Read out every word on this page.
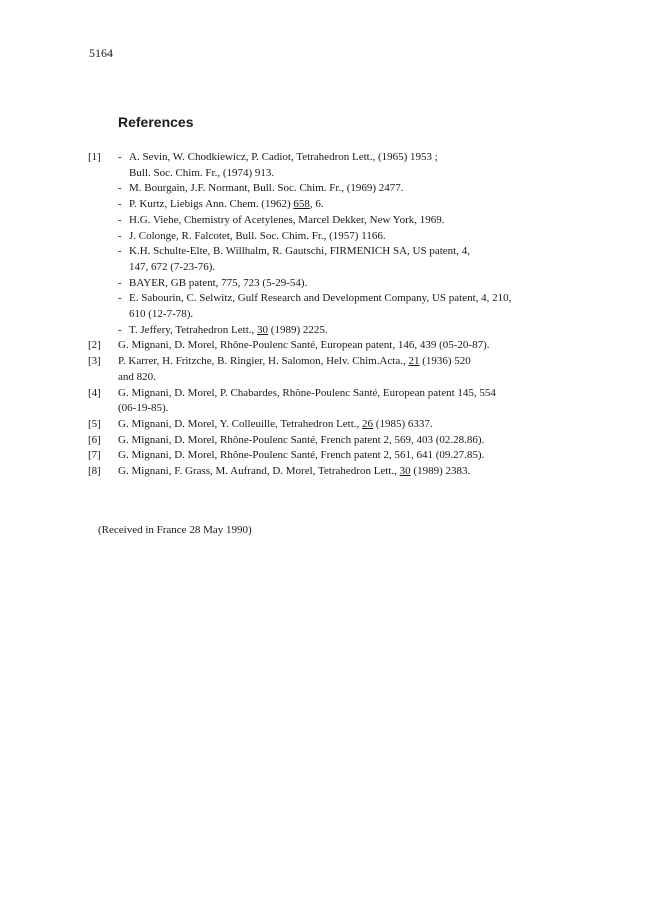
5164
References
[1]	- A. Sevin, W. Chodkiewicz, P. Cadiot, Tetrahedron Lett., (1965) 1953 ;
Bull. Soc. Chim. Fr., (1974) 913.
- M. Bourgain, J.F. Normant, Bull. Soc. Chim. Fr., (1969) 2477.
- P. Kurtz, Liebigs Ann. Chem. (1962) 658, 6.
- H.G. Viehe, Chemistry of Acetylenes, Marcel Dekker, New York, 1969.
- J. Colonge, R. Falcotet, Bull. Soc. Chim. Fr., (1957) 1166.
- K.H. Schulte-Elte, B. Willhalm, R. Gautschi, FIRMENICH SA, US patent, 4,
147, 672 (7-23-76).
- BAYER, GB patent, 775, 723 (5-29-54).
- E. Sabourin, C. Selwitz, Gulf Research and Development Company, US patent, 4, 210,
610 (12-7-78).
- T. Jeffery, Tetrahedron Lett., 30 (1989) 2225.
[2]	G. Mignani, D. Morel, Rhône-Poulenc Santé, European patent, 146, 439 (05-20-87).
[3]	P. Karrer, H. Fritzche, B. Ringier, H. Salomon, Helv. Chim.Acta., 21 (1936) 520
and 820.
[4]	G. Mignani, D. Morel, P. Chabardes, Rhône-Poulenc Santé, European patent 145, 554
(06-19-85).
[5]	G. Mignani, D. Morel, Y. Colleuille, Tetrahedron Lett., 26 (1985) 6337.
[6]	G. Mignani, D. Morel, Rhône-Poulenc Santé, French patent 2, 569, 403 (02.28.86).
[7]	G. Mignani, D. Morel, Rhône-Poulenc Santé, French patent 2, 561, 641 (09.27.85).
[8]	G. Mignani, F. Grass, M. Aufrand, D. Morel, Tetrahedron Lett., 30 (1989) 2383.
(Received in France 28 May 1990)
